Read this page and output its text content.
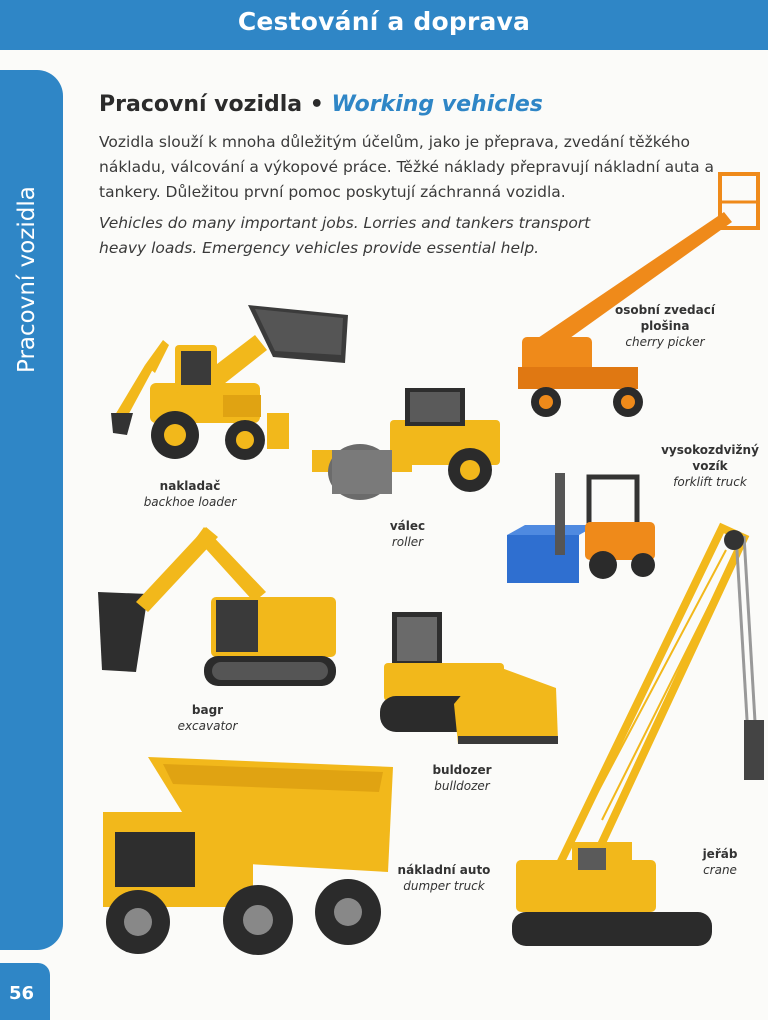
Cestování a doprava
Pracovní vozidla
56
Pracovní vozidla • Working vehicles
Vozidla slouží k mnoha důležitým účelům, jako je přeprava, zvedání těžkého nákladu, válcování a výkopové práce. Těžké náklady přepravují nákladní auta a tankery. Důležitou první pomoc poskytují záchranná vozidla.
Vehicles do many important jobs. Lorries and tankers transport heavy loads. Emergency vehicles provide essential help.
nakladač
backhoe loader
válec
roller
osobní zvedací
plošina
cherry picker
vysokozdvižný
vozík
forklift truck
bagr
excavator
buldozer
bulldozer
nákladní auto
dumper truck
jeřáb
crane
